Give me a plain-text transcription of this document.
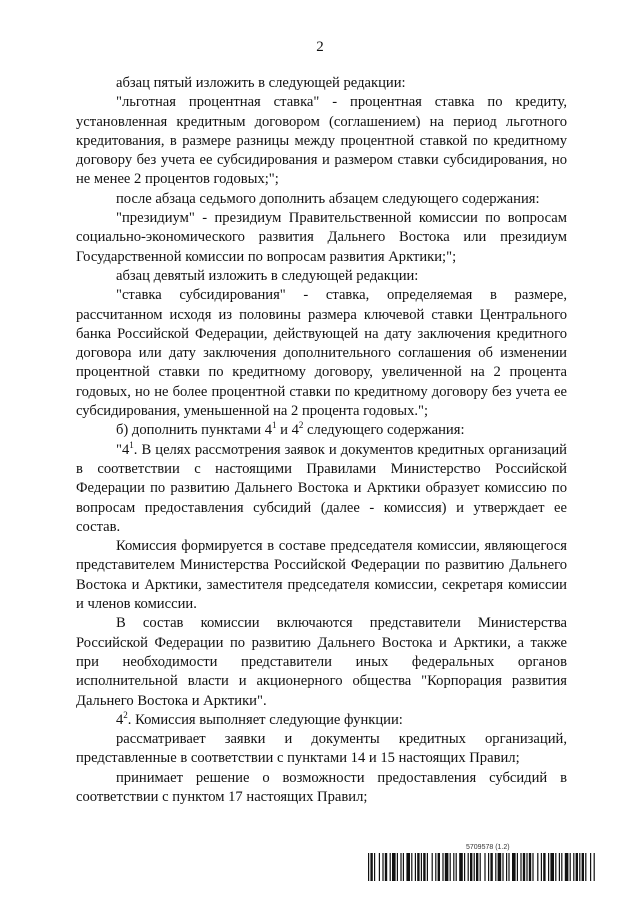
2

абзац пятый изложить в следующей редакции:

"льготная процентная ставка" - процентная ставка по кредиту, установленная кредитным договором (соглашением) на период льготного кредитования, в размере разницы между процентной ставкой по кредитному договору без учета ее субсидирования и размером ставки субсидирования, но не менее 2 процентов годовых;";

после абзаца седьмого дополнить абзацем следующего содержания:

"президиум" - президиум Правительственной комиссии по вопросам социально-экономического развития Дальнего Востока или президиум Государственной комиссии по вопросам развития Арктики;";

абзац девятый изложить в следующей редакции:

"ставка субсидирования" - ставка, определяемая в размере, рассчитанном исходя из половины размера ключевой ставки Центрального банка Российской Федерации, действующей на дату заключения кредитного договора или дату заключения дополнительного соглашения об изменении процентной ставки по кредитному договору, увеличенной на 2 процента годовых, но не более процентной ставки по кредитному договору без учета ее субсидирования, уменьшенной на 2 процента годовых.";

б) дополнить пунктами $4^1$ и $4^2$ следующего содержания:

"$4^1$. В целях рассмотрения заявок и документов кредитных организаций в соответствии с настоящими Правилами Министерство Российской Федерации по развитию Дальнего Востока и Арктики образует комиссию по вопросам предоставления субсидий (далее - комиссия) и утверждает ее состав.

Комиссия формируется в составе председателя комиссии, являющегося представителем Министерства Российской Федерации по развитию Дальнего Востока и Арктики, заместителя председателя комиссии, секретаря комиссии и членов комиссии.

В состав комиссии включаются представители Министерства Российской Федерации по развитию Дальнего Востока и Арктики, а также при необходимости представители иных федеральных органов исполнительной власти и акционерного общества "Корпорация развития Дальнего Востока и Арктики".

$4^2$. Комиссия выполняет следующие функции:

рассматривает заявки и документы кредитных организаций, представленные в соответствии с пунктами 14 и 15 настоящих Правил;

принимает решение о возможности предоставления субсидий в соответствии с пунктом 17 настоящих Правил;

5709578 (1.2)
